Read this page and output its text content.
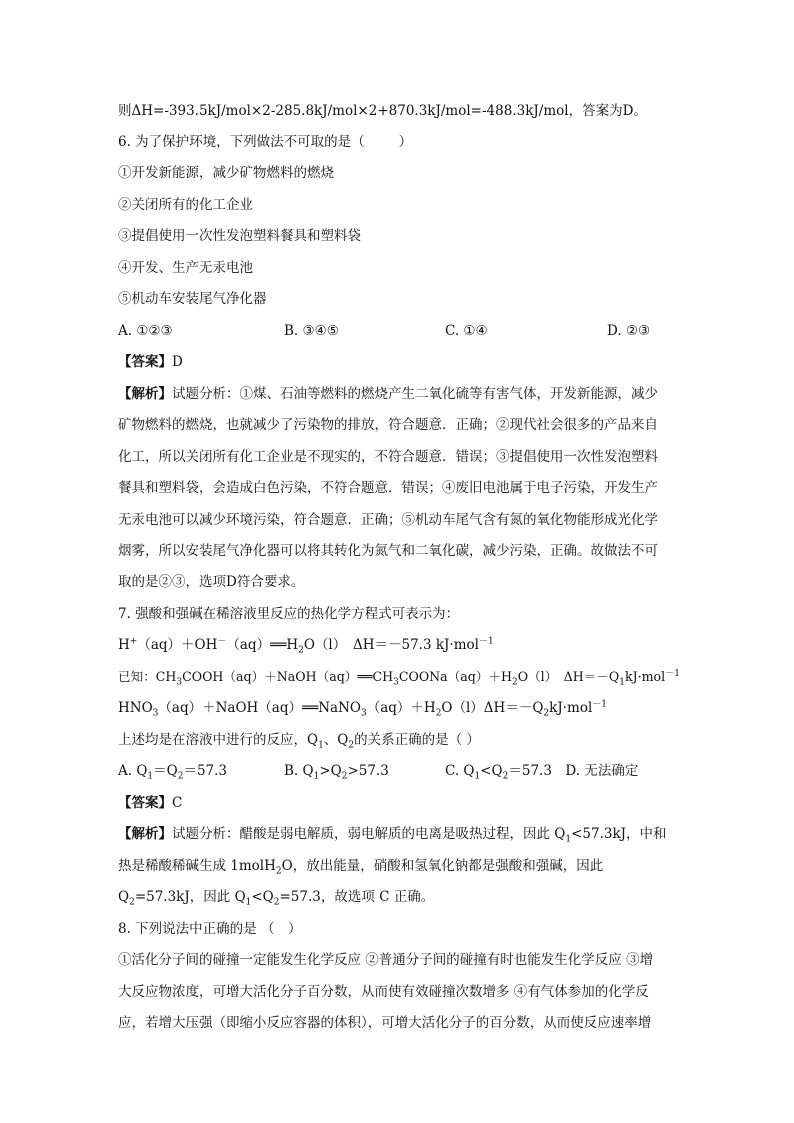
则ΔH=-393.5kJ/mol×2-285.8kJ/mol×2+870.3kJ/mol=-488.3kJ/mol，答案为D。
6. 为了保护环境，下列做法不可取的是（	）
①开发新能源，减少矿物燃料的燃烧
②关闭所有的化工企业
③提倡使用一次性发泡塑料餐具和塑料袋
④开发、生产无汞电池
⑤机动车安装尾气净化器
A. ①②③	B. ③④⑤	C. ①④	D. ②③
【答案】D
【解析】试题分析：①煤、石油等燃料的燃烧产生二氧化硫等有害气体，开发新能源，减少
矿物燃料的燃烧，也就减少了污染物的排放，符合题意．正确；②现代社会很多的产品来自
化工，所以关闭所有化工企业是不现实的，不符合题意．错误；③提倡使用一次性发泡塑料
餐具和塑料袋，会造成白色污染，不符合题意．错误；④废旧电池属于电子污染，开发生产
无汞电池可以减少环境污染，符合题意．正确；⑤机动车尾气含有氮的氧化物能形成光化学
烟雾，所以安装尾气净化器可以将其转化为氮气和二氧化碳，减少污染，正确。故做法不可
取的是②③，选项D符合要求。
7. 强酸和强碱在稀溶液里反应的热化学方程式可表示为：
$H^+(aq)+OH^-(aq)══H_2O(l)$　ΔH＝－57.3 kJ·mol$^{-1}$
已知：$CH_3COOH(aq)+NaOH(aq)══CH_3COONa(aq)+H_2O(l)$　$\Delta H=-Q_1kJ\cdot mol^{-1}$
$HNO_3(aq)+NaOH(aq)══NaNO_3(aq)+H_2O(l)\Delta H=-Q_2kJ\cdot mol^{-1}$
上述均是在溶液中进行的反应，$Q_1$、$Q_2$的关系正确的是（ ）
A. $Q_1=Q_2=57.3$	B. $Q_1>Q_2>57.3$	C. $Q_1<Q_2=57.3$　D. 无法确定
【答案】C
【解析】试题分析：醋酸是弱电解质，弱电解质的电离是吸热过程，因此 $Q_1<57.3kJ$，中和
热是稀酸稀碱生成 1molH$_2$O，放出能量，硝酸和氢氧化钠都是强酸和强碱，因此
$Q_2=57.3kJ$，因此 $Q_1<Q_2=57.3$，故选项 C 正确。
8. 下列说法中正确的是 （　）
①活化分子间的碰撞一定能发生化学反应 ②普通分子间的碰撞有时也能发生化学反应 ③增
大反应物浓度，可增大活化分子百分数，从而使有效碰撞次数增多 ④有气体参加的化学反
应，若增大压强（即缩小反应容器的体积），可增大活化分子的百分数，从而使反应速率增
